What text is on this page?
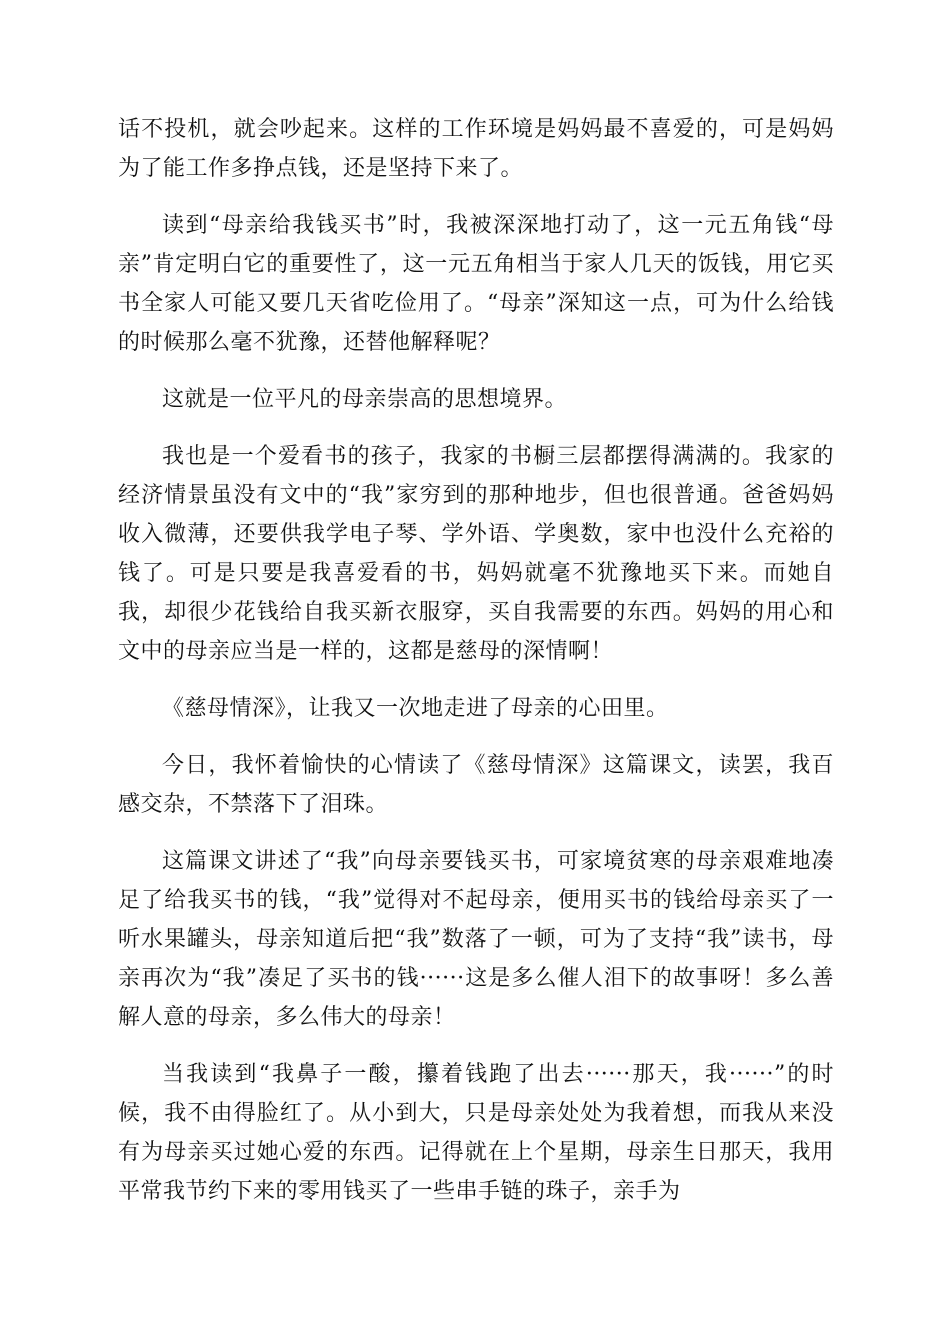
话不投机，就会吵起来。这样的工作环境是妈妈最不喜爱的，可是妈妈为了能工作多挣点钱，还是坚持下来了。

读到“母亲给我钱买书”时，我被深深地打动了，这一元五角钱“母亲”肯定明白它的重要性了，这一元五角相当于家人几天的饭钱，用它买书全家人可能又要几天省吃俭用了。“母亲”深知这一点，可为什么给钱的时候那么毫不犹豫，还替他解释呢？

这就是一位平凡的母亲崇高的思想境界。

我也是一个爱看书的孩子，我家的书橱三层都摆得满满的。我家的经济情景虽没有文中的“我”家穷到的那种地步，但也很普通。爸爸妈妈收入微薄，还要供我学电子琴、学外语、学奥数，家中也没什么充裕的钱了。可是只要是我喜爱看的书，妈妈就毫不犹豫地买下来。而她自我，却很少花钱给自我买新衣服穿，买自我需要的东西。妈妈的用心和文中的母亲应当是一样的，这都是慈母的深情啊！

《慈母情深》，让我又一次地走进了母亲的心田里。

今日，我怀着愉快的心情读了《慈母情深》这篇课文，读罢，我百感交杂，不禁落下了泪珠。

这篇课文讲述了“我”向母亲要钱买书，可家境贫寒的母亲艰难地凑足了给我买书的钱，“我”觉得对不起母亲，便用买书的钱给母亲买了一听水果罐头，母亲知道后把“我”数落了一顿，可为了支持“我”读书，母亲再次为“我”凑足了买书的钱······这是多么催人泪下的故事呀！多么善解人意的母亲，多么伟大的母亲！

当我读到“我鼻子一酸，攥着钱跑了出去······那天，我······”的时候，我不由得脸红了。从小到大，只是母亲处处为我着想，而我从来没有为母亲买过她心爱的东西。记得就在上个星期，母亲生日那天，我用平常我节约下来的零用钱买了一些串手链的珠子，亲手为
